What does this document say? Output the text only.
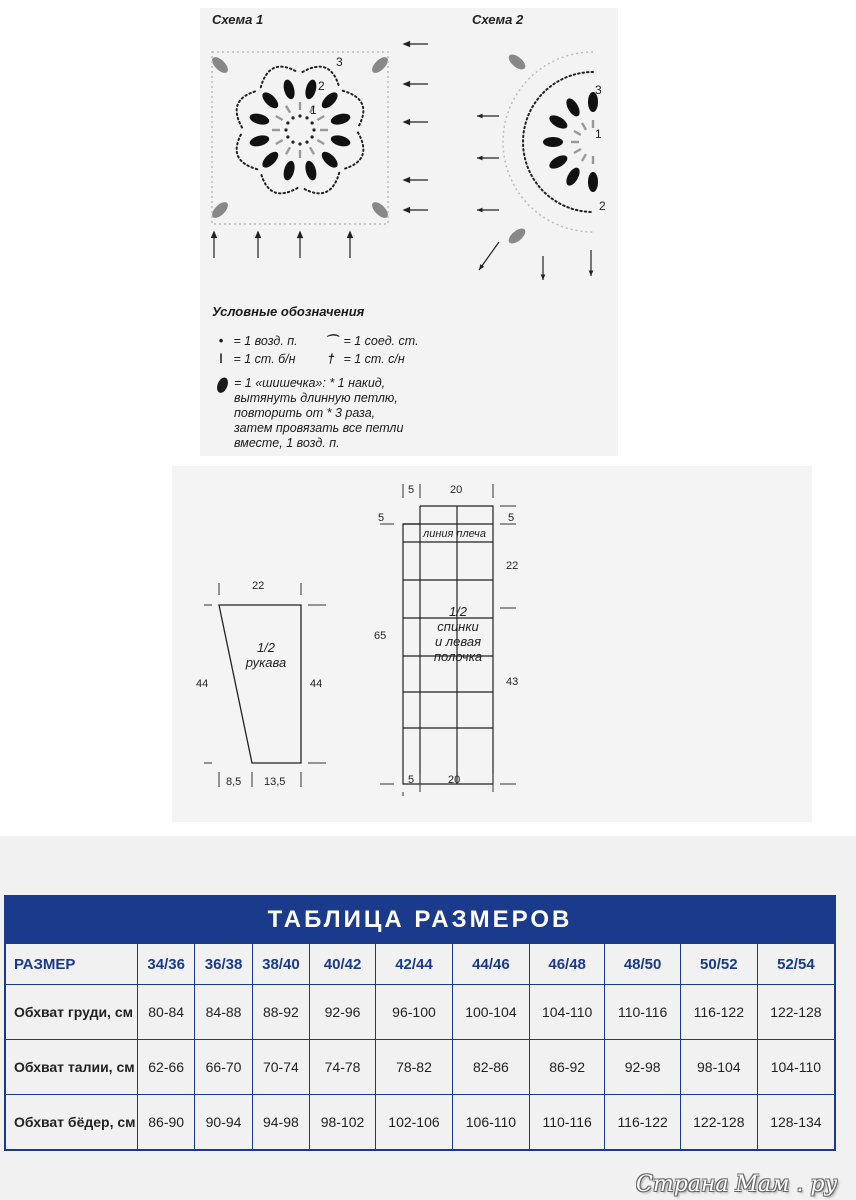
Схема 1	Схема 2
1
2
3
1
2
3
Условные обозначения
• = 1 возд. п. ⌒ = 1 соед. ст.
ǀ = 1 ст. б/н	† = 1 ст. с/н
⬮ = 1 «шишечка»: * 1 накид, вытянуть длинную петлю, повторить от * 3 раза, затем провязать все петли вместе, 1 возд. п.
22
44	44
8,5 13,5
1/2
рукава
5	20
5	5
линия плеча
22
65
43
5	20
1/2
спинки
и левая
полочка
ТАБЛИЦА РАЗМЕРОВ										
РАЗМЕР	34/36	36/38	38/40	40/42	42/44	44/46	46/48	48/50	50/52	52/54
Обхват груди, см	80-84	84-88	88-92	92-96	96-100	100-104	104-110	110-116	116-122	122-128
Обхват талии, см	62-66	66-70	70-74	74-78	78-82	82-86	86-92	92-98	98-104	104-110
Обхват бёдер, см	86-90	90-94	94-98	98-102	102-106	106-110	110-116	116-122	122-128	128-134
Страна Мам . ру
